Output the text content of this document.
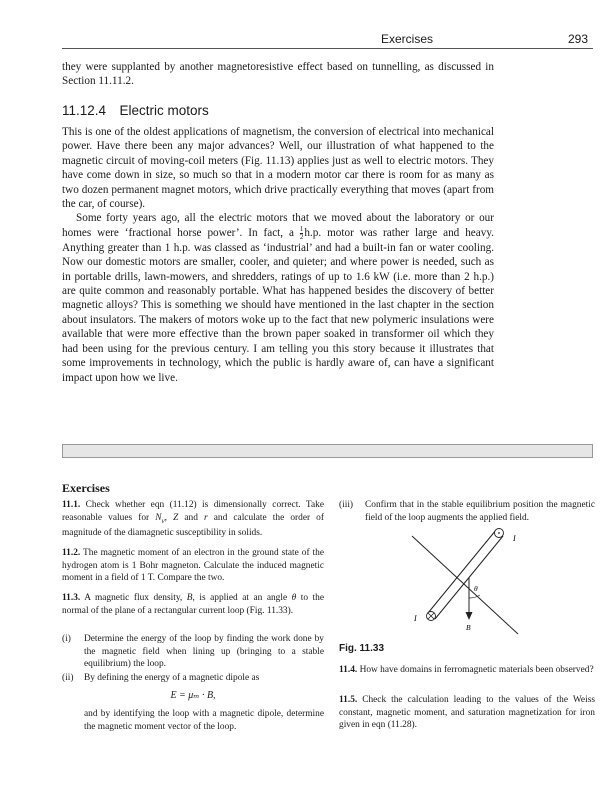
Exercises	293

they were supplanted by another magnetoresistive effect based on tunnelling, as discussed in Section 11.11.2.

11.12.4 Electric motors

This is one of the oldest applications of magnetism, the conversion of electrical into mechanical power. Have there been any major advances? Well, our illustration of what happened to the magnetic circuit of moving-coil meters (Fig. 11.13) applies just as well to electric motors. They have come down in size, so much so that in a modern motor car there is room for as many as two dozen permanent magnet motors, which drive practically everything that moves (apart from the car, of course).

Some forty years ago, all the electric motors that we moved about the laboratory or our homes were ‘fractional horse power’. In fact, a $\frac{1}{2} h.p$. motor was rather large and heavy. Anything greater than 1 h.p. was classed as ‘industrial’ and had a built-in fan or water cooling. Now our domestic motors are smaller, cooler, and quieter; and where power is needed, such as in portable drills, lawn-mowers, and shredders, ratings of up to 1.6 kW (i.e. more than 2 h.p.) are quite common and reasonably portable. What has happened besides the discovery of better magnetic alloys? This is something we should have mentioned in the last chapter in the section about insulators. The makers of motors woke up to the fact that new polymeric insulations were available that were more effective than the brown paper soaked in transformer oil which they had been using for the previous century. I am telling you this story because it illustrates that some improvements in technology, which the public is hardly aware of, can have a significant impact upon how we live.

Exercises

11.1. Check whether eqn (11.12) is dimensionally correct. Take reasonable values for $N_v$, Z and r and calculate the order of magnitude of the diamagnetic susceptibility in solids.

11.2. The magnetic moment of an electron in the ground state of the hydrogen atom is 1 Bohr magneton. Calculate the induced magnetic moment in a field of 1 T. Compare the two.

11.3. A magnetic flux density, B, is applied at an angle θ to the normal of the plane of a rectangular current loop (Fig. 11.33).

(i) Determine the energy of the loop by finding the work done by the magnetic field when lining up (bringing to a stable equilibrium) the loop.
(ii) By defining the energy of a magnetic dipole as
E = μₘ · B,

and by identifying the loop with a magnetic dipole, determine the magnetic moment vector of the loop.

(iii) Confirm that in the stable equilibrium position the magnetic field of the loop augments the applied field.
I
I
θ
B
Fig. 11.33

11.4. How have domains in ferromagnetic materials been observed?

11.5. Check the calculation leading to the values of the Weiss constant, magnetic moment, and saturation magnetization for iron given in eqn (11.28).
